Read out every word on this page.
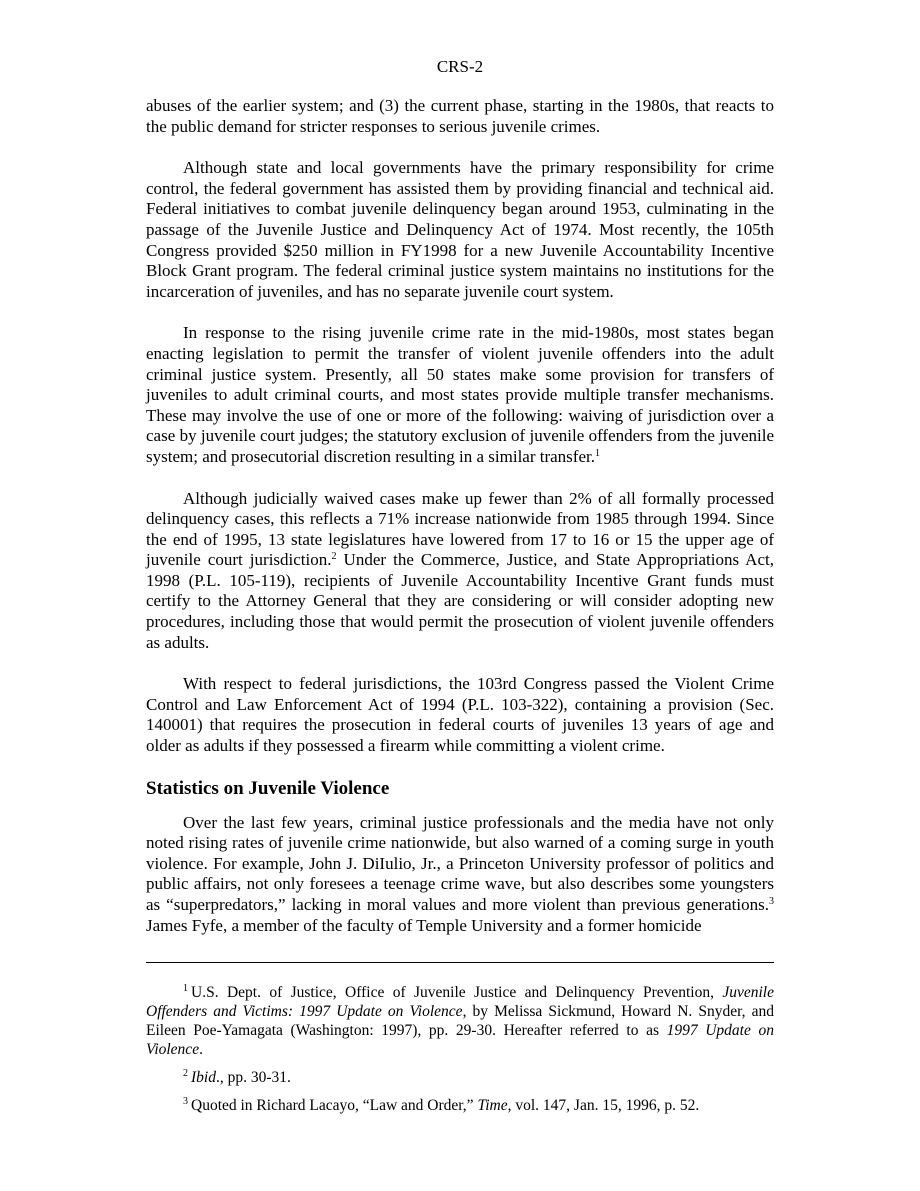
CRS-2

abuses of the earlier system; and (3) the current phase, starting in the 1980s, that reacts to the public demand for stricter responses to serious juvenile crimes.

Although state and local governments have the primary responsibility for crime control, the federal government has assisted them by providing financial and technical aid. Federal initiatives to combat juvenile delinquency began around 1953, culminating in the passage of the Juvenile Justice and Delinquency Act of 1974. Most recently, the 105th Congress provided $250 million in FY1998 for a new Juvenile Accountability Incentive Block Grant program. The federal criminal justice system maintains no institutions for the incarceration of juveniles, and has no separate juvenile court system.

In response to the rising juvenile crime rate in the mid-1980s, most states began enacting legislation to permit the transfer of violent juvenile offenders into the adult criminal justice system. Presently, all 50 states make some provision for transfers of juveniles to adult criminal courts, and most states provide multiple transfer mechanisms. These may involve the use of one or more of the following: waiving of jurisdiction over a case by juvenile court judges; the statutory exclusion of juvenile offenders from the juvenile system; and prosecutorial discretion resulting in a similar transfer.$^1$

Although judicially waived cases make up fewer than 2% of all formally processed delinquency cases, this reflects a 71% increase nationwide from 1985 through 1994. Since the end of 1995, 13 state legislatures have lowered from 17 to 16 or 15 the upper age of juvenile court jurisdiction.$^2$ Under the Commerce, Justice, and State Appropriations Act, 1998 (P.L. 105-119), recipients of Juvenile Accountability Incentive Grant funds must certify to the Attorney General that they are considering or will consider adopting new procedures, including those that would permit the prosecution of violent juvenile offenders as adults.

With respect to federal jurisdictions, the 103rd Congress passed the Violent Crime Control and Law Enforcement Act of 1994 (P.L. 103-322), containing a provision (Sec. 140001) that requires the prosecution in federal courts of juveniles 13 years of age and older as adults if they possessed a firearm while committing a violent crime.

Statistics on Juvenile Violence

Over the last few years, criminal justice professionals and the media have not only noted rising rates of juvenile crime nationwide, but also warned of a coming surge in youth violence. For example, John J. DiIulio, Jr., a Princeton University professor of politics and public affairs, not only foresees a teenage crime wave, but also describes some youngsters as “superpredators,” lacking in moral values and more violent than previous generations.$^3$ James Fyfe, a member of the faculty of Temple University and a former homicide

$^1$ U.S. Dept. of Justice, Office of Juvenile Justice and Delinquency Prevention, Juvenile Offenders and Victims: 1997 Update on Violence, by Melissa Sickmund, Howard N. Snyder, and Eileen Poe-Yamagata (Washington: 1997), pp. 29-30. Hereafter referred to as 1997 Update on Violence.

$^2$ Ibid., pp. 30-31.

$^3$ Quoted in Richard Lacayo, “Law and Order,” Time, vol. 147, Jan. 15, 1996, p. 52.
